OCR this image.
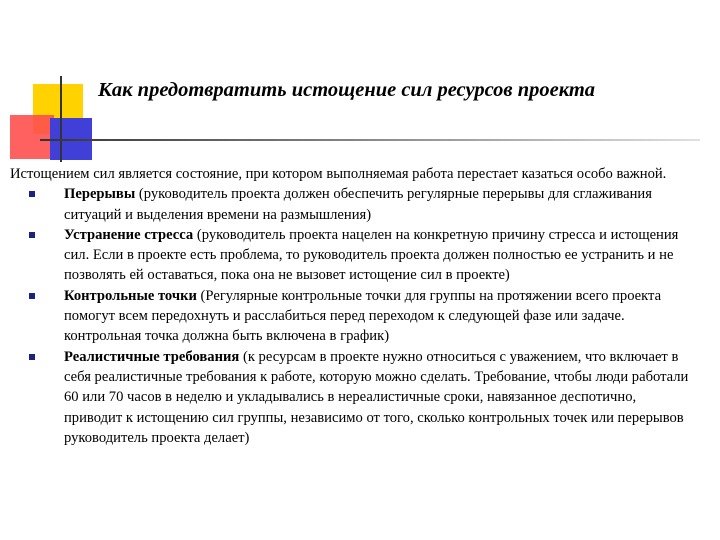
Как предотвратить истощение сил ресурсов проекта

Истощением сил является состояние, при котором выполняемая работа перестает казаться особо важной.

Перерывы (руководитель проекта должен обеспечить регулярные перерывы для сглаживания ситуаций и выделения времени на размышления)
Устранение стресса (руководитель проекта нацелен на конкретную причину стресса и истощения сил. Если в проекте есть проблема, то руководитель проекта должен полностью ее устранить и не позволять ей оставаться, пока она не вызовет истощение сил в проекте)
Контрольные точки (Регулярные контрольные точки для группы на протяжении всего проекта помогут всем передохнуть и расслабиться перед переходом к следующей фазе или задаче. контрольная точка должна быть включена в график)
Реалистичные требования (к ресурсам в проекте нужно относиться с уважением, что включает в себя реалистичные требования к работе, которую можно сделать. Требование, чтобы люди работали 60 или 70 часов в неделю и укладывались в нереалистичные сроки, навязанное деспотично, приводит к истощению сил группы, независимо от того, сколько контрольных точек или перерывов руководитель проекта делает)
